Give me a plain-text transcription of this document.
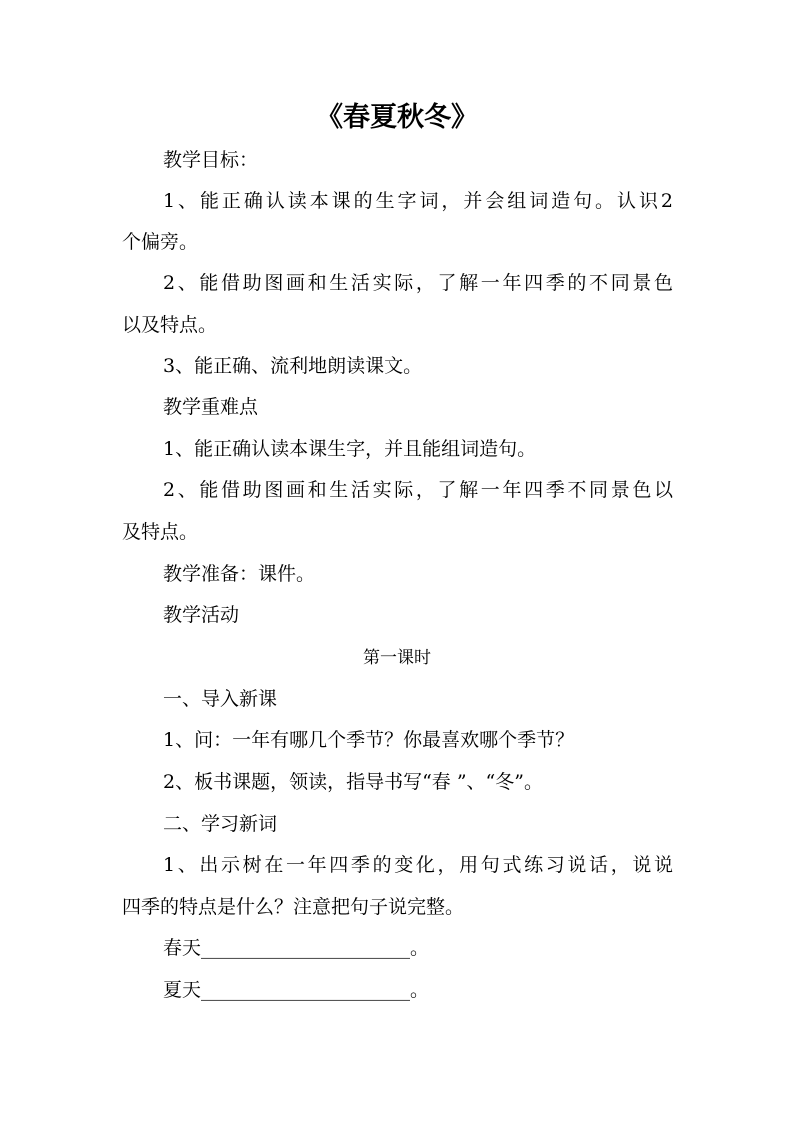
《春夏秋冬》
教学目标：
1、能正确认读本课的生字词，并会组词造句。认识2
个偏旁。
2、能借助图画和生活实际，了解一年四季的不同景色
以及特点。
3、能正确、流利地朗读课文。
教学重难点
1、能正确认读本课生字，并且能组词造句。
2、能借助图画和生活实际，了解一年四季不同景色以
及特点。
教学准备：课件。
教学活动
第一课时
一、导入新课
1、问：一年有哪几个季节？你最喜欢哪个季节？
2、板书课题，领读，指导书写“春 ”、“冬”。
二、学习新词
1、出示树在一年四季的变化，用句式练习说话，说说
四季的特点是什么？注意把句子说完整。
春天______________________。
夏天______________________。
